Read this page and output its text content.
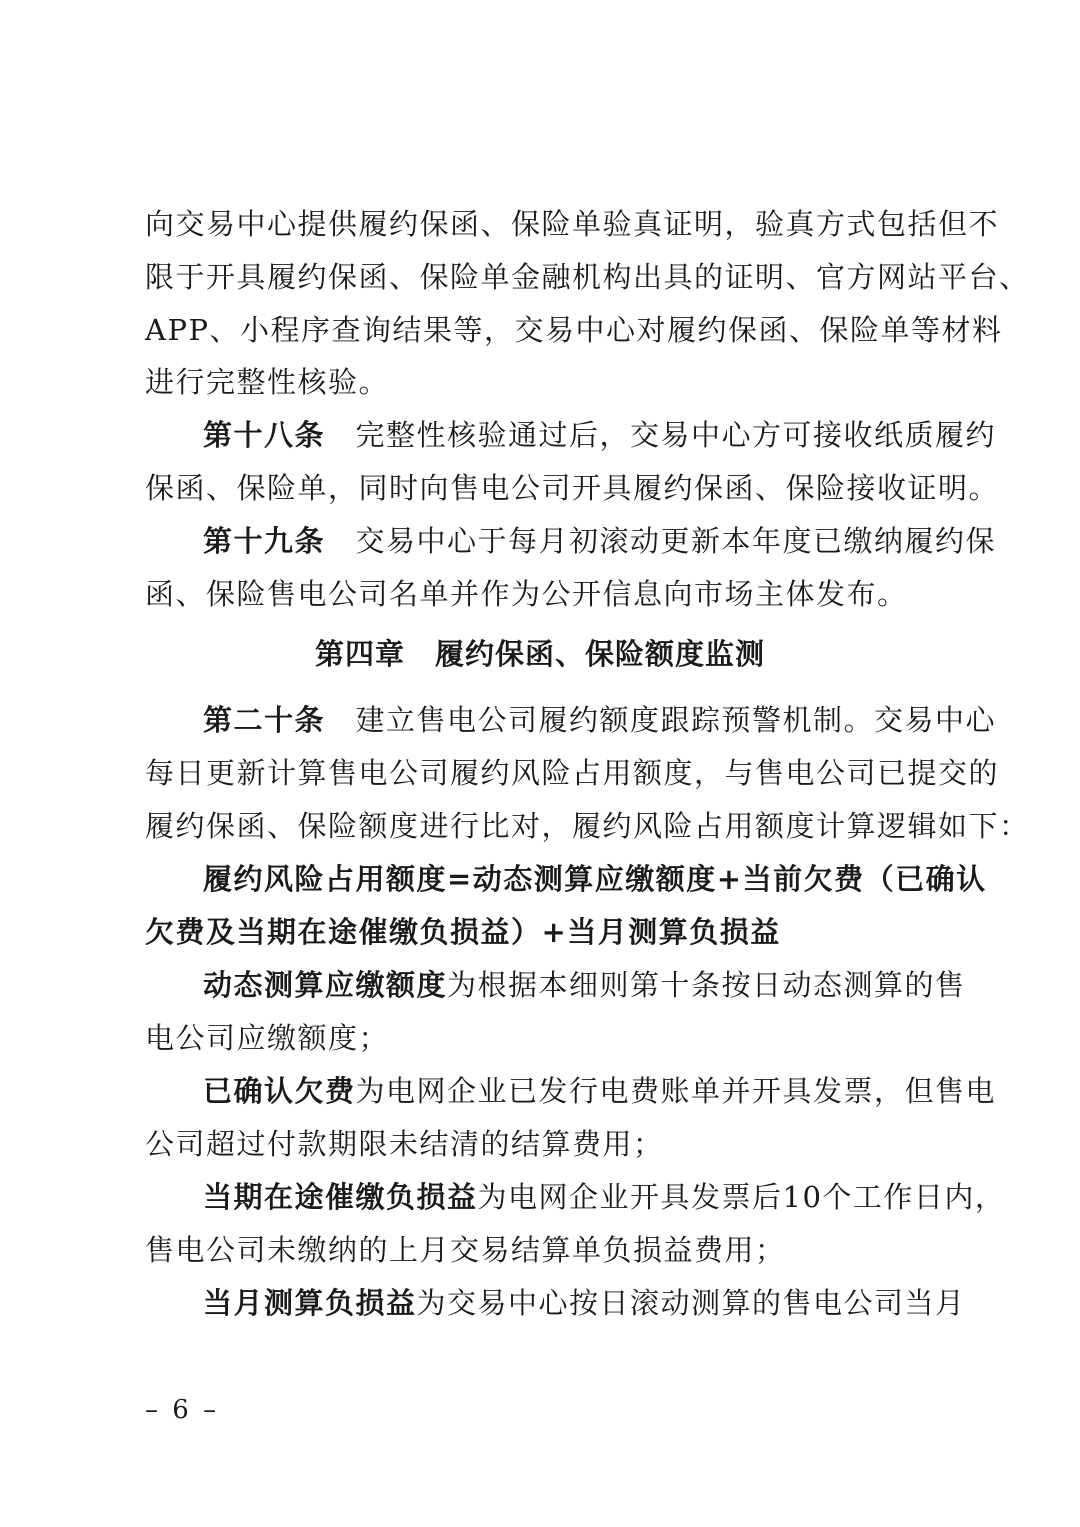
向交易中心提供履约保函、保险单验真证明，验真方式包括但不
限于开具履约保函、保险单金融机构出具的证明、官方网站平台、
APP、小程序查询结果等，交易中心对履约保函、保险单等材料
进行完整性核验。
第十八条　 完整性核验通过后，交易中心方可接收纸质履约
保函、保险单，同时向售电公司开具履约保函、保险接收证明。
第十九条　 交易中心于每月初滚动更新本年度已缴纳履约保
函、保险售电公司名单并作为公开信息向市场主体发布。
第四章　履约保函、保险额度监测
第二十条　 建立售电公司履约额度跟踪预警机制。交易中心
每日更新计算售电公司履约风险占用额度，与售电公司已提交的
履约保函、保险额度进行比对，履约风险占用额度计算逻辑如下：
履约风险占用额度=动态测算应缴额度+当前欠费（已确认
欠费及当期在途催缴负损益）+当月测算负损益
动态测算应缴额度为根据本细则第十条按日动态测算的售
电公司应缴额度；
已确认欠费为电网企业已发行电费账单并开具发票，但售电
公司超过付款期限未结清的结算费用；
当期在途催缴负损益为电网企业开具发票后10个工作日内，
售电公司未缴纳的上月交易结算单负损益费用；
当月测算负损益为交易中心按日滚动测算的售电公司当月
– 6 –
